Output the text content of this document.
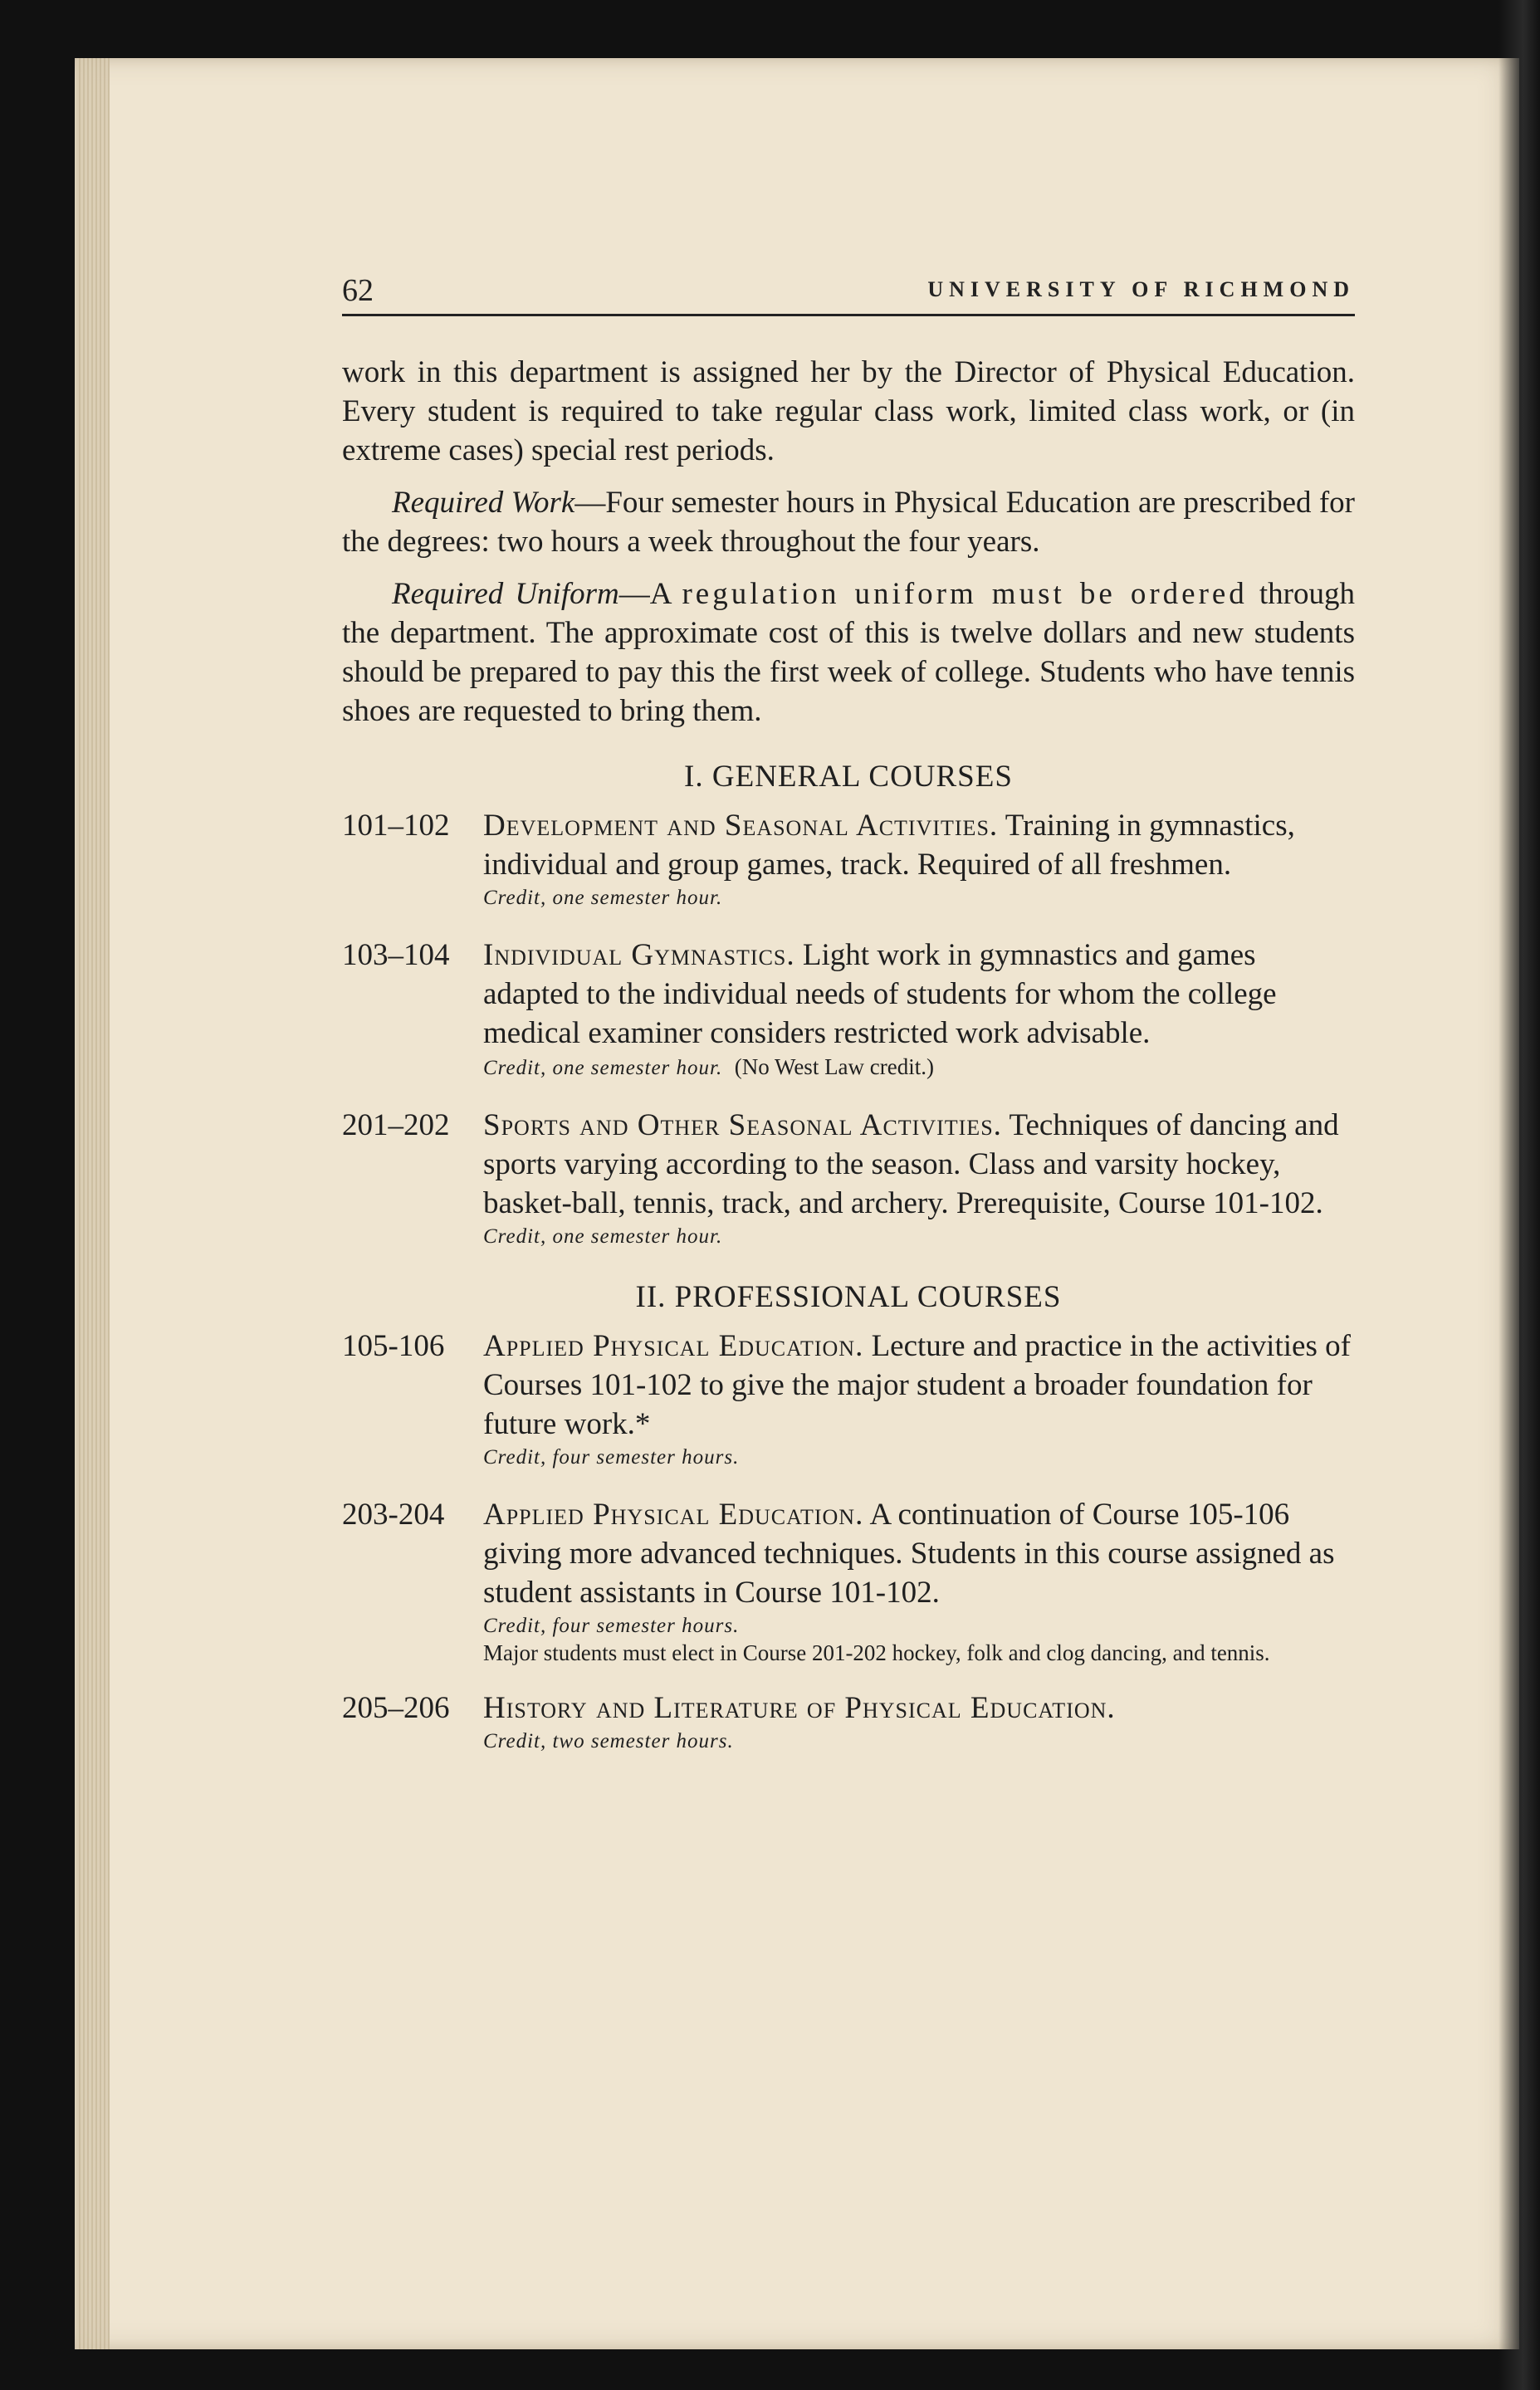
62	UNIVERSITY OF RICHMOND

work in this department is assigned her by the Director of Physical Education. Every student is required to take regular class work, limited class work, or (in extreme cases) special rest periods.

Required Work—Four semester hours in Physical Education are prescribed for the degrees: two hours a week throughout the four years.

Required Uniform—A regulation uniform must be ordered through the department. The approximate cost of this is twelve dollars and new students should be prepared to pay this the first week of college. Students who have tennis shoes are requested to bring them.

I. GENERAL COURSES
101–102 Development and Seasonal Activities. Training in gymnastics, individual and group games, track. Required of all freshmen.
Credit, one semester hour.
103–104 Individual Gymnastics. Light work in gymnastics and games adapted to the individual needs of students for whom the college medical examiner considers restricted work advisable.
Credit, one semester hour. (No West Law credit.)
201–202 Sports and Other Seasonal Activities. Techniques of dancing and sports varying according to the season. Class and varsity hockey, basket-ball, tennis, track, and archery. Prerequisite, Course 101-102.
Credit, one semester hour.
II. PROFESSIONAL COURSES
105-106 Applied Physical Education. Lecture and practice in the activities of Courses 101-102 to give the major student a broader foundation for future work.*
Credit, four semester hours.
203-204 Applied Physical Education. A continuation of Course 105-106 giving more advanced techniques. Students in this course assigned as student assistants in Course 101-102.
Credit, four semester hours.
Major students must elect in Course 201-202 hockey, folk and clog dancing, and tennis.
205–206 History and Literature of Physical Education.
Credit, two semester hours.
